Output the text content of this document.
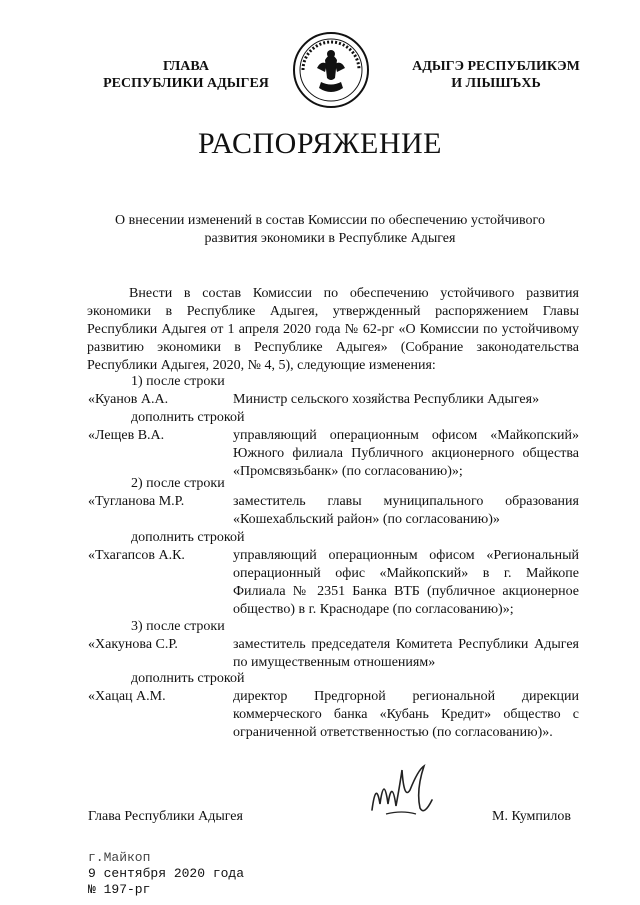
ГЛАВА
РЕСПУБЛИКИ АДЫГЕЯ
АДЫГЭ РЕСПУБЛИКЭМ
И ЛІЫШЪХЬ
РАСПОРЯЖЕНИЕ
О внесении изменений в состав Комиссии по обеспечению устойчивого
развития экономики в Республике Адыгея
Внести в состав Комиссии по обеспечению устойчивого развития экономики в Республике Адыгея, утвержденный распоряжением Главы Республики Адыгея от 1 апреля 2020 года № 62-рг «О Комиссии по устойчивому развитию экономики в Республике Адыгея» (Собрание законодательства Республики Адыгея, 2020, № 4, 5), следующие изменения:
1) после строки
«Куанов А.А.	Министр сельского хозяйства Республики Адыгея»
дополнить строкой
«Лещев В.А.	управляющий операционным офисом «Майкопский» Южного филиала Публичного акционерного общества «Промсвязьбанк» (по согласованию)»;
2) после строки
«Тугланова М.Р.	заместитель главы муниципального образования «Кошехабльский район» (по согласованию)»
дополнить строкой
«Тхагапсов А.К.	управляющий операционным офисом «Региональный операционный офис «Майкопский» в г. Майкопе Филиала № 2351 Банка ВТБ (публичное акционерное общество) в г. Краснодаре (по согласованию)»;
3) после строки
«Хакунова С.Р.	заместитель председателя Комитета Республики Адыгея по имущественным отношениям»
дополнить строкой
«Хацац А.М.	директор Предгорной региональной дирекции коммерческого банка «Кубань Кредит» общество с ограниченной ответственностью (по согласованию)».
Глава Республики Адыгея	М. Кумпилов
г.Майкоп
9 сентября 2020 года
№ 197-рг
